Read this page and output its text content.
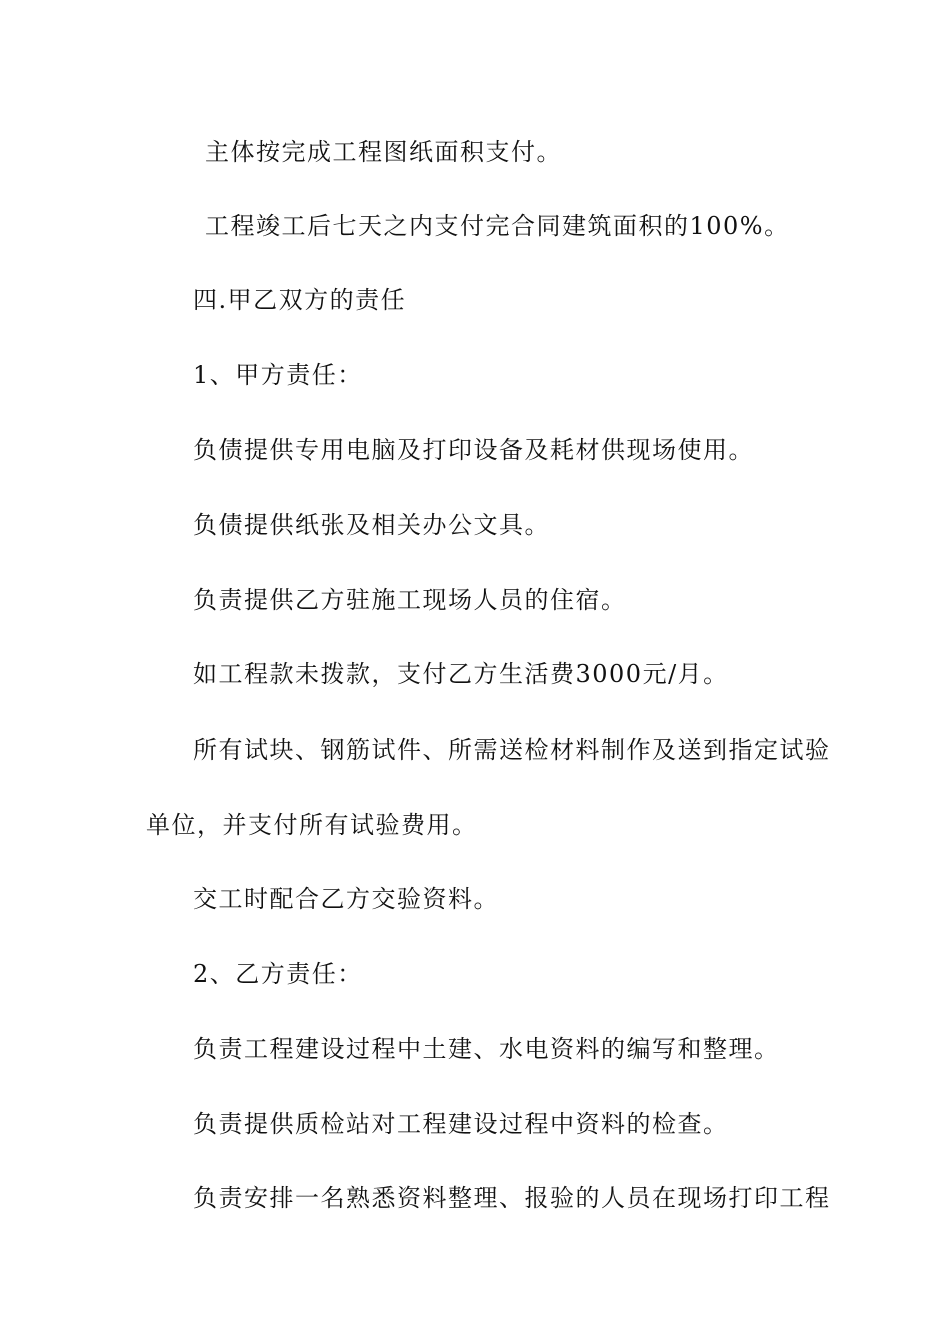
主体按完成工程图纸面积支付。
工程竣工后七天之内支付完合同建筑面积的100%。
四.甲乙双方的责任
1、甲方责任：
负债提供专用电脑及打印设备及耗材供现场使用。
负债提供纸张及相关办公文具。
负责提供乙方驻施工现场人员的住宿。
如工程款未拨款，支付乙方生活费3000元/月。
所有试块、钢筋试件、所需送检材料制作及送到指定试验
单位，并支付所有试验费用。
交工时配合乙方交验资料。
2、乙方责任：
负责工程建设过程中土建、水电资料的编写和整理。
负责提供质检站对工程建设过程中资料的检查。
负责安排一名熟悉资料整理、报验的人员在现场打印工程
